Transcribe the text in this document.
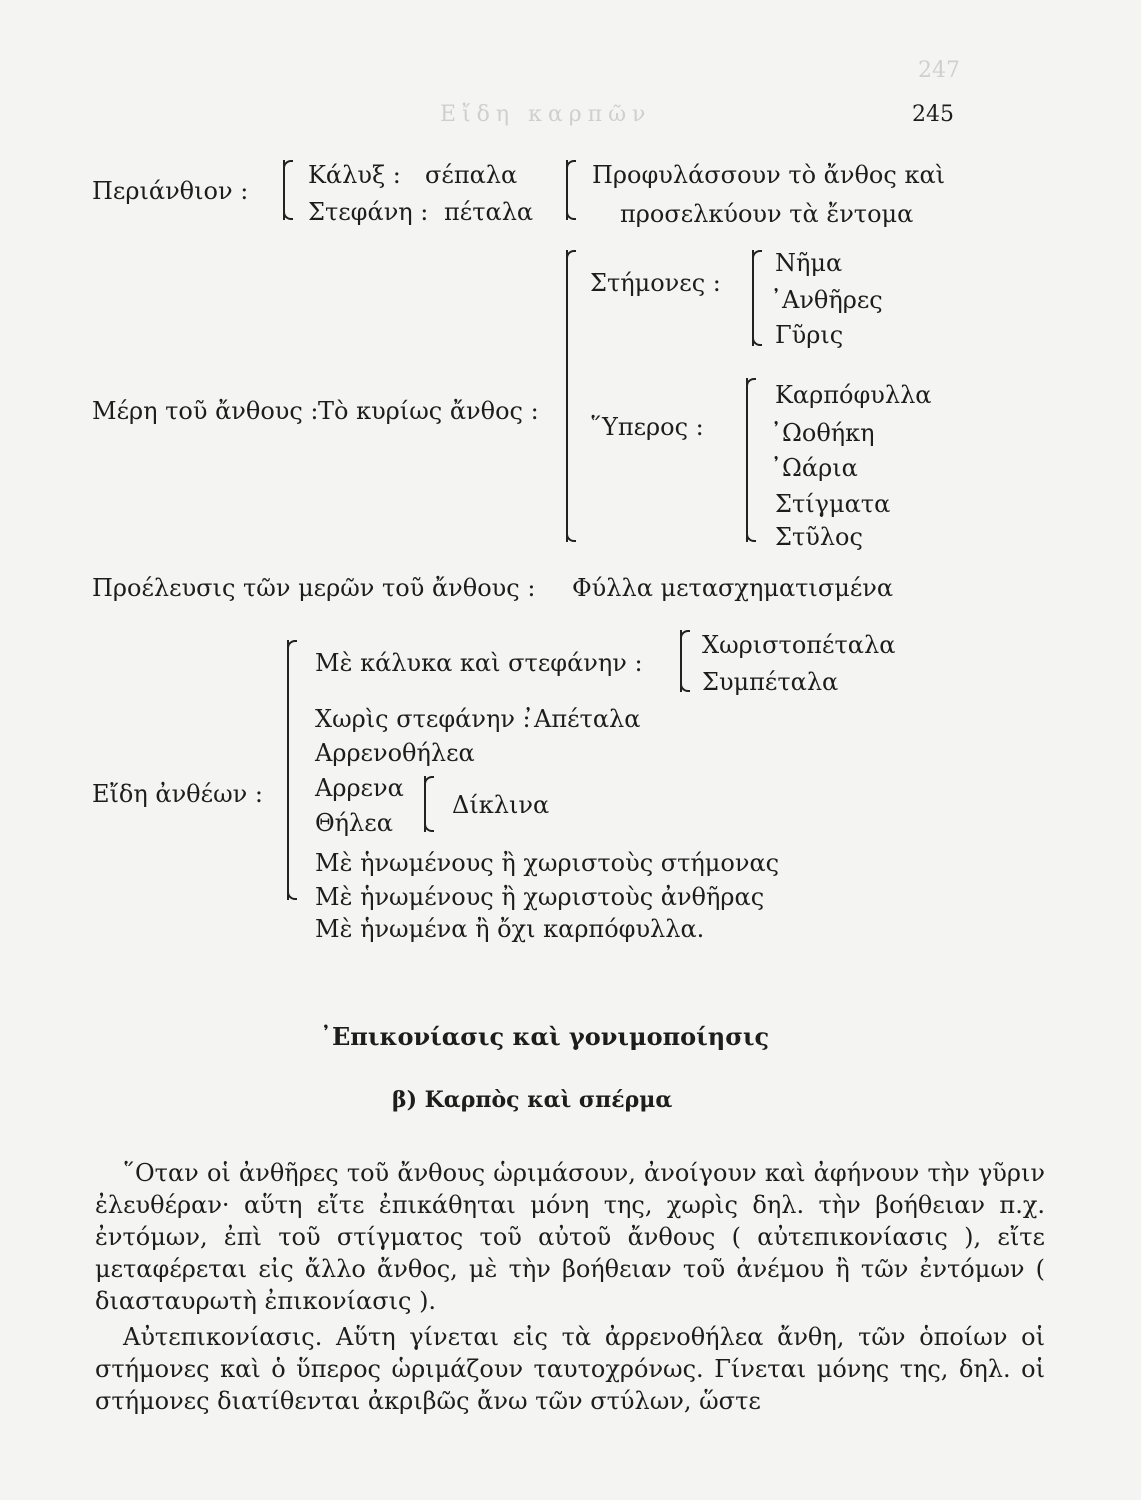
247
Εἴδη καρπῶν	245
Περιάνθιον :
Κάλυξ : σέπαλα
Στεφάνη : πέταλα
Προφυλάσσουν τὸ ἄνθος καὶ
προσελκύουν τὰ ἔντομα
Μέρη τοῦ ἄνθους : Τὸ κυρίως ἄνθος :
Στήμονες :
Νῆμα
᾿Ανθῆρες
Γῦρις
῞Υπερος :
Καρπόφυλλα
᾿Ωοθήκη
᾿Ωάρια
Στίγματα
Στῦλος
Προέλευσις τῶν μερῶν τοῦ ἄνθους : Φύλλα μετασχηματισμένα
Εἴδη ἀνθέων :
Μὲ κάλυκα καὶ στεφάνην :
Χωριστοπέταλα
Συμπέταλα
Χωρὶς στεφάνην :
᾿Απέταλα
Αρρενοθήλεα
Αρρενα
Δίκλινα
Θήλεα
Μὲ ἡνωμένους ἢ χωριστοὺς στήμονας
Μὲ ἡνωμένους ἢ χωριστοὺς ἀνθῆρας
Μὲ ἡνωμένα ἢ ὄχι καρπόφυλλα.
᾿Επικονίασις καὶ γονιμοποίησις
β) Καρπὸς καὶ σπέρμα

῞Οταν οἱ ἀνθῆρες τοῦ ἄνθους ὡριμάσουν, ἀνοίγουν καὶ ἀφήνουν τὴν γῦριν ἐλευθέραν· αὕτη εἴτε ἐπικάθηται μόνη της, χωρὶς δηλ. τὴν βοήθειαν π.χ. ἐντόμων, ἐπὶ τοῦ στίγματος τοῦ αὐτοῦ ἄνθους ( αὐτεπικονίασις ), εἴτε μεταφέρεται εἰς ἄλλο ἄνθος, μὲ τὴν βοήθειαν τοῦ ἀνέμου ἢ τῶν ἐντόμων ( διασταυρωτὴ ἐπικονίασις ).

Αὐτεπικονίασις. Αὕτη γίνεται εἰς τὰ ἀρρενοθήλεα ἄνθη, τῶν ὁποίων οἱ στήμονες καὶ ὁ ὕπερος ὡριμάζουν ταυτοχρόνως. Γίνεται μόνης της, δηλ. οἱ στήμονες διατίθενται ἀκριβῶς ἄνω τῶν στύλων, ὥστε
